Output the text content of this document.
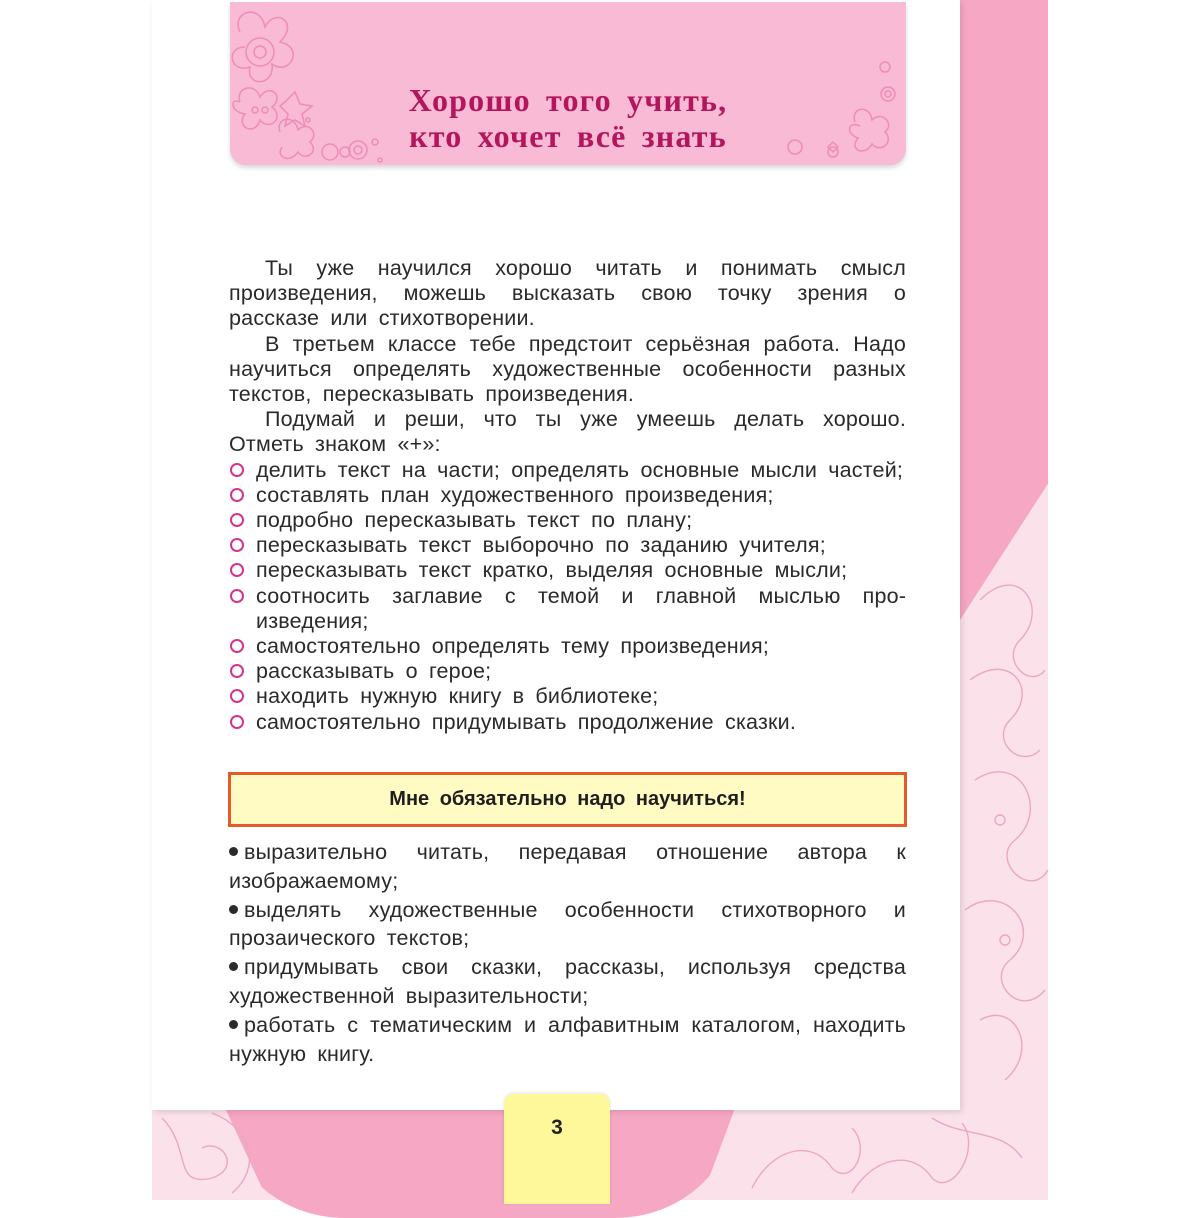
Хорошо того учить,
кто хочет всё знать

Ты уже научился хорошо читать и понимать смысл произведения, можешь высказать свою точку зрения о рассказе или стихотворении.

В третьем классе тебе предстоит серьёзная работа. Надо научиться определять художественные особенности разных текстов, пересказывать произведения.

Подумай и реши, что ты уже умеешь делать хорошо. Отметь знаком «+»:

делить текст на части; определять основные мысли частей;
составлять план художественного произведения;
подробно пересказывать текст по плану;
пересказывать текст выборочно по заданию учителя;
пересказывать текст кратко, выделяя основные мысли;
соотносить заглавие с темой и главной мыслью произведения;
самостоятельно определять тему произведения;
рассказывать о герое;
находить нужную книгу в библиотеке;
самостоятельно придумывать продолжение сказки.
Мне обязательно надо научиться!
выразительно читать, передавая отношение автора к изображаемому;
выделять художественные особенности стихотворного и прозаического текстов;
придумывать свои сказки, рассказы, используя средства художественной выразительности;
работать с тематическим и алфавитным каталогом, находить нужную книгу.
3
